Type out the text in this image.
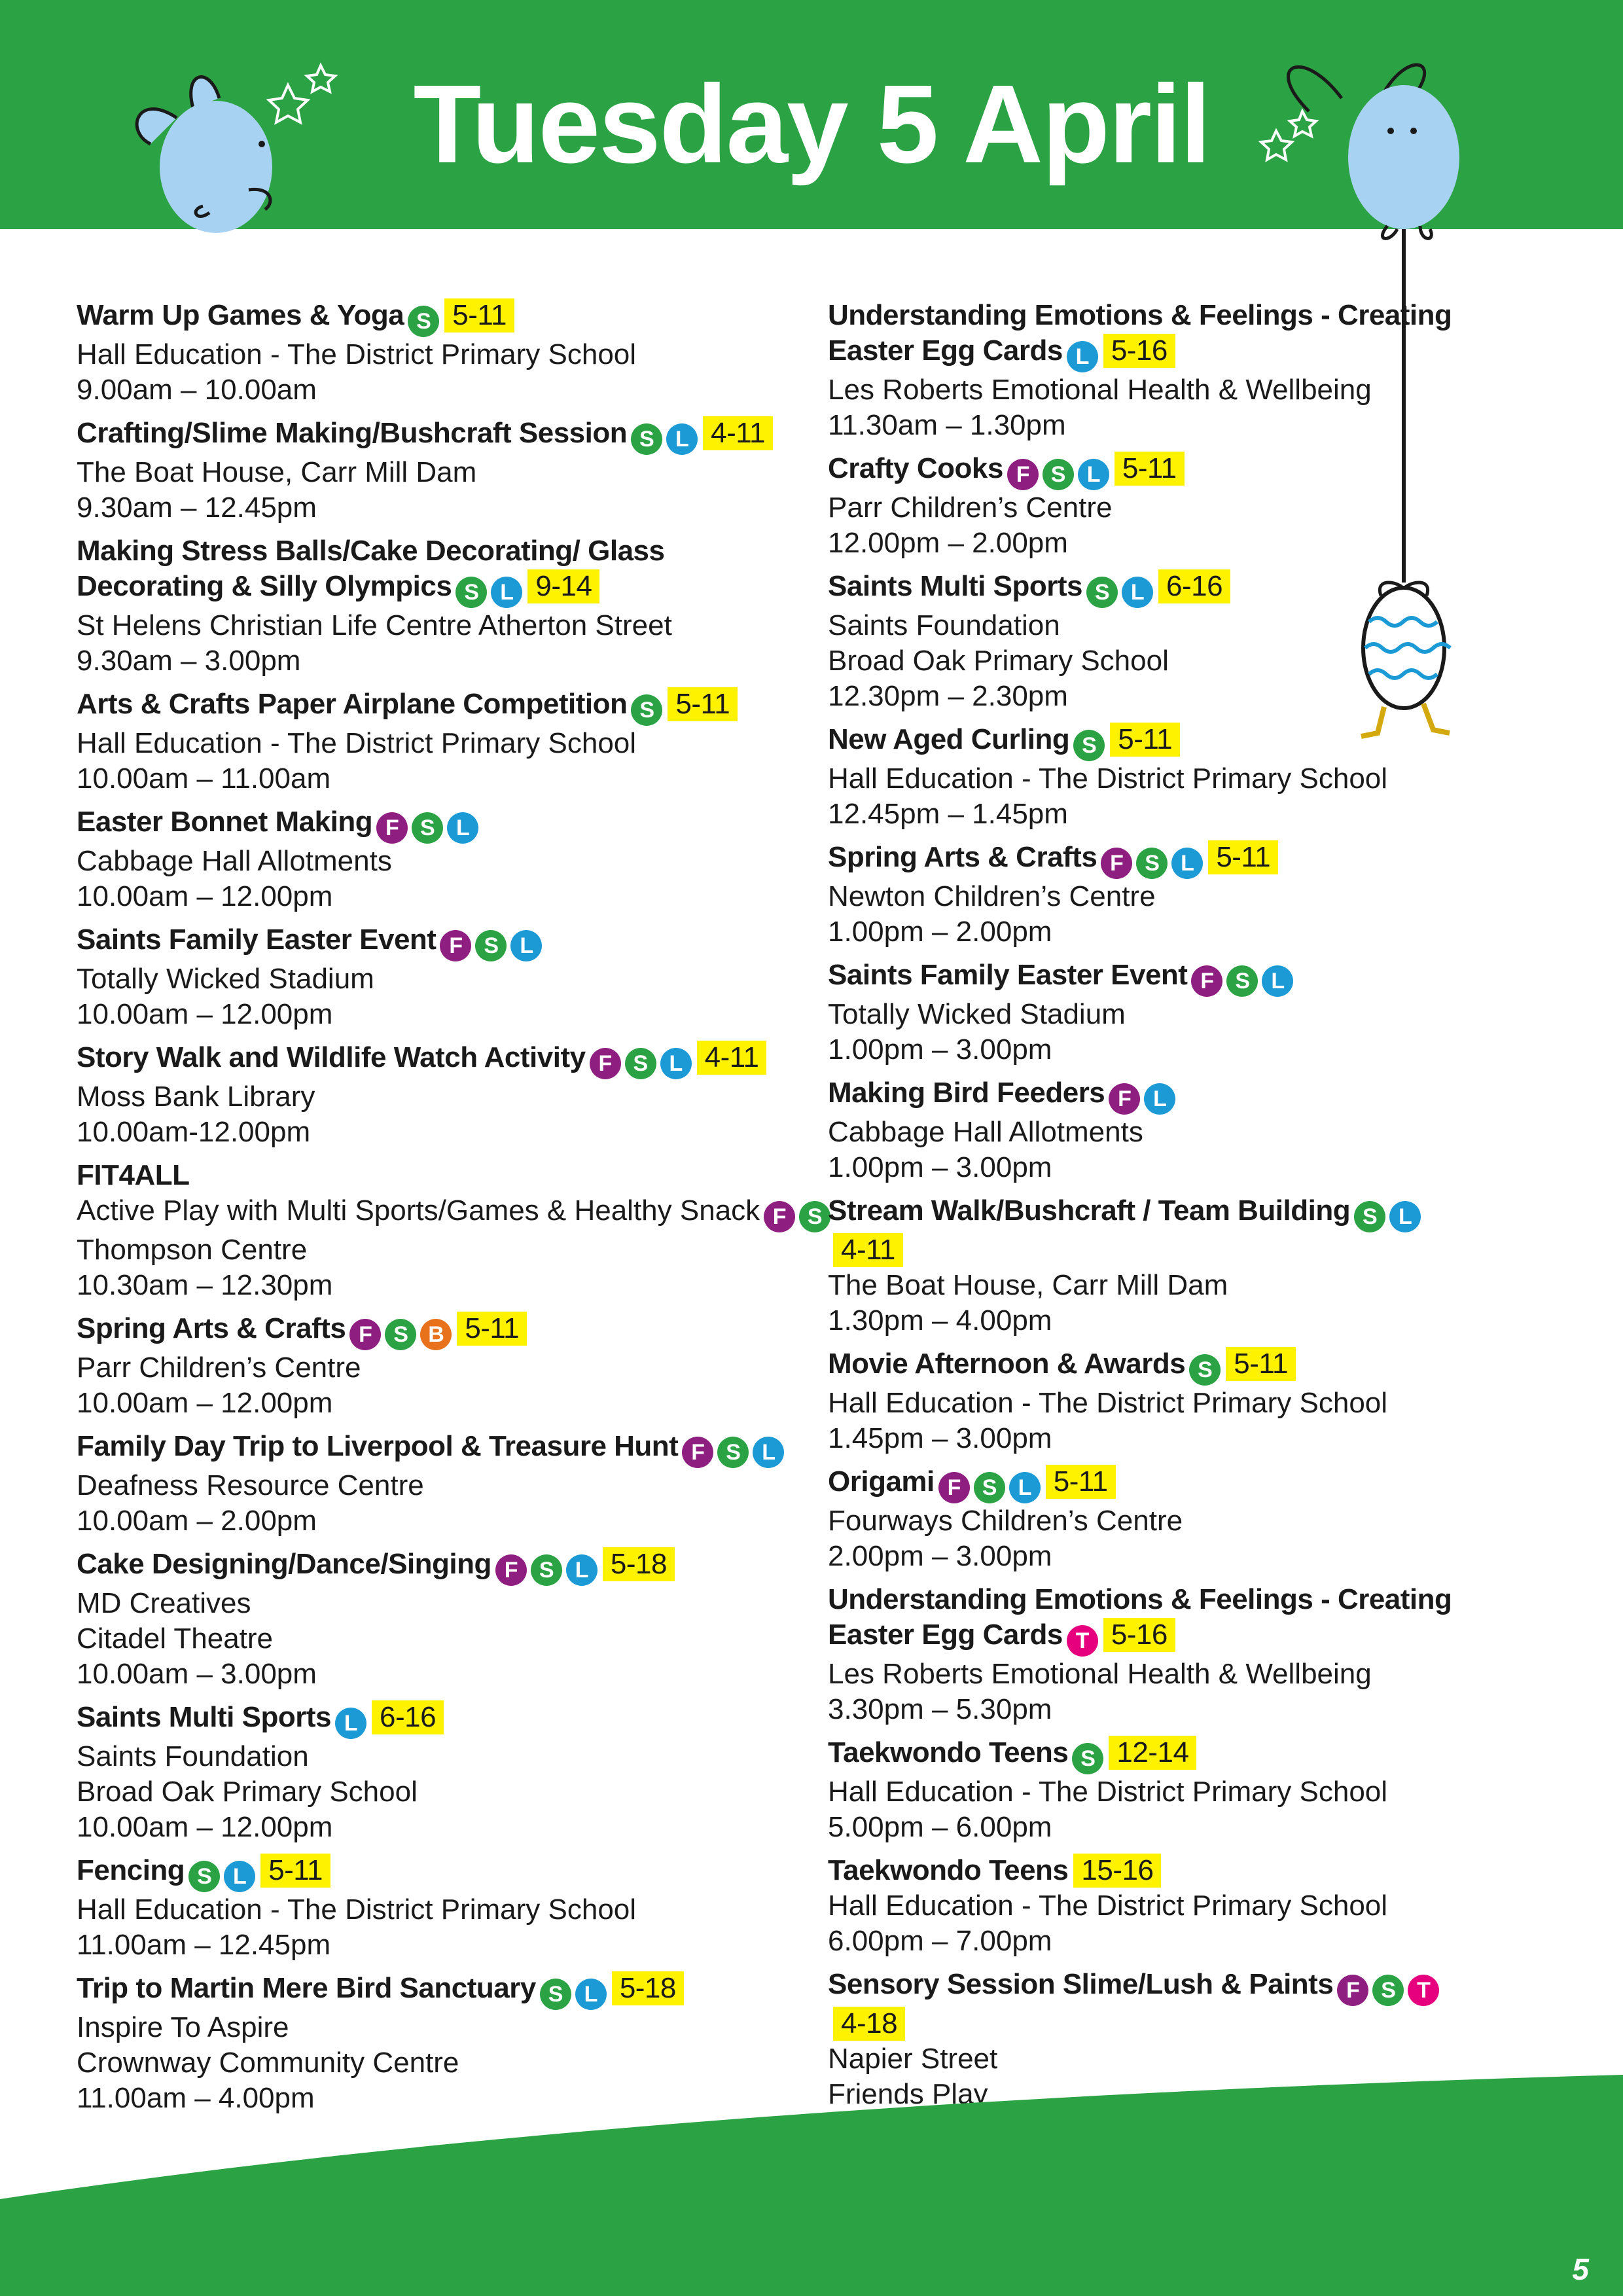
Tuesday 5 April
Warm Up Games & Yoga S 5-11
Hall Education - The District Primary School
9.00am – 10.00am
Crafting/Slime Making/Bushcraft Session S L 4-11
The Boat House, Carr Mill Dam
9.30am – 12.45pm
Making Stress Balls/Cake Decorating/ Glass Decorating & Silly Olympics S L 9-14
St Helens Christian Life Centre Atherton Street
9.30am – 3.00pm
Arts & Crafts Paper Airplane Competition S 5-11
Hall Education - The District Primary School
10.00am – 11.00am
Easter Bonnet Making F S L
Cabbage Hall Allotments
10.00am – 12.00pm
Saints Family Easter Event F S L
Totally Wicked Stadium
10.00am – 12.00pm
Story Walk and Wildlife Watch Activity F S L 4-11
Moss Bank Library
10.00am-12.00pm
FIT4ALL
Active Play with Multi Sports/Games & Healthy Snack F S
Thompson Centre
10.30am – 12.30pm
Spring Arts & Crafts F S B 5-11
Parr Children’s Centre
10.00am – 12.00pm
Family Day Trip to Liverpool & Treasure Hunt F S L
Deafness Resource Centre
10.00am – 2.00pm
Cake Designing/Dance/Singing F S L 5-18
MD Creatives
Citadel Theatre
10.00am – 3.00pm
Saints Multi Sports L 6-16
Saints Foundation
Broad Oak Primary School
10.00am – 12.00pm
Fencing S L 5-11
Hall Education - The District Primary School
11.00am – 12.45pm
Trip to Martin Mere Bird Sanctuary S L 5-18
Inspire To Aspire
Crownway Community Centre
11.00am – 4.00pm
Understanding Emotions & Feelings - Creating Easter Egg Cards L 5-16
Les Roberts Emotional Health & Wellbeing
11.30am – 1.30pm
Crafty Cooks F S L 5-11
Parr Children’s Centre
12.00pm – 2.00pm
Saints Multi Sports S L 6-16
Saints Foundation
Broad Oak Primary School
12.30pm – 2.30pm
New Aged Curling S 5-11
Hall Education - The District Primary School
12.45pm – 1.45pm
Spring Arts & Crafts F S L 5-11
Newton Children’s Centre
1.00pm – 2.00pm
Saints Family Easter Event F S L
Totally Wicked Stadium
1.00pm – 3.00pm
Making Bird Feeders F L
Cabbage Hall Allotments
1.00pm – 3.00pm
Stream Walk/Bushcraft / Team Building S L4-11
The Boat House, Carr Mill Dam
1.30pm – 4.00pm
Movie Afternoon & Awards S 5-11
Hall Education - The District Primary School
1.45pm – 3.00pm
Origami F S L 5-11
Fourways Children’s Centre
2.00pm – 3.00pm
Understanding Emotions & Feelings - Creating Easter Egg Cards T 5-16
Les Roberts Emotional Health & Wellbeing
3.30pm – 5.30pm
Taekwondo Teens S 12-14
Hall Education - The District Primary School
5.00pm – 6.00pm
Taekwondo Teens 15-16
Hall Education - The District Primary School
6.00pm – 7.00pm
Sensory Session Slime/Lush & Paints F S T4-18
Napier Street
Friends Play
5
